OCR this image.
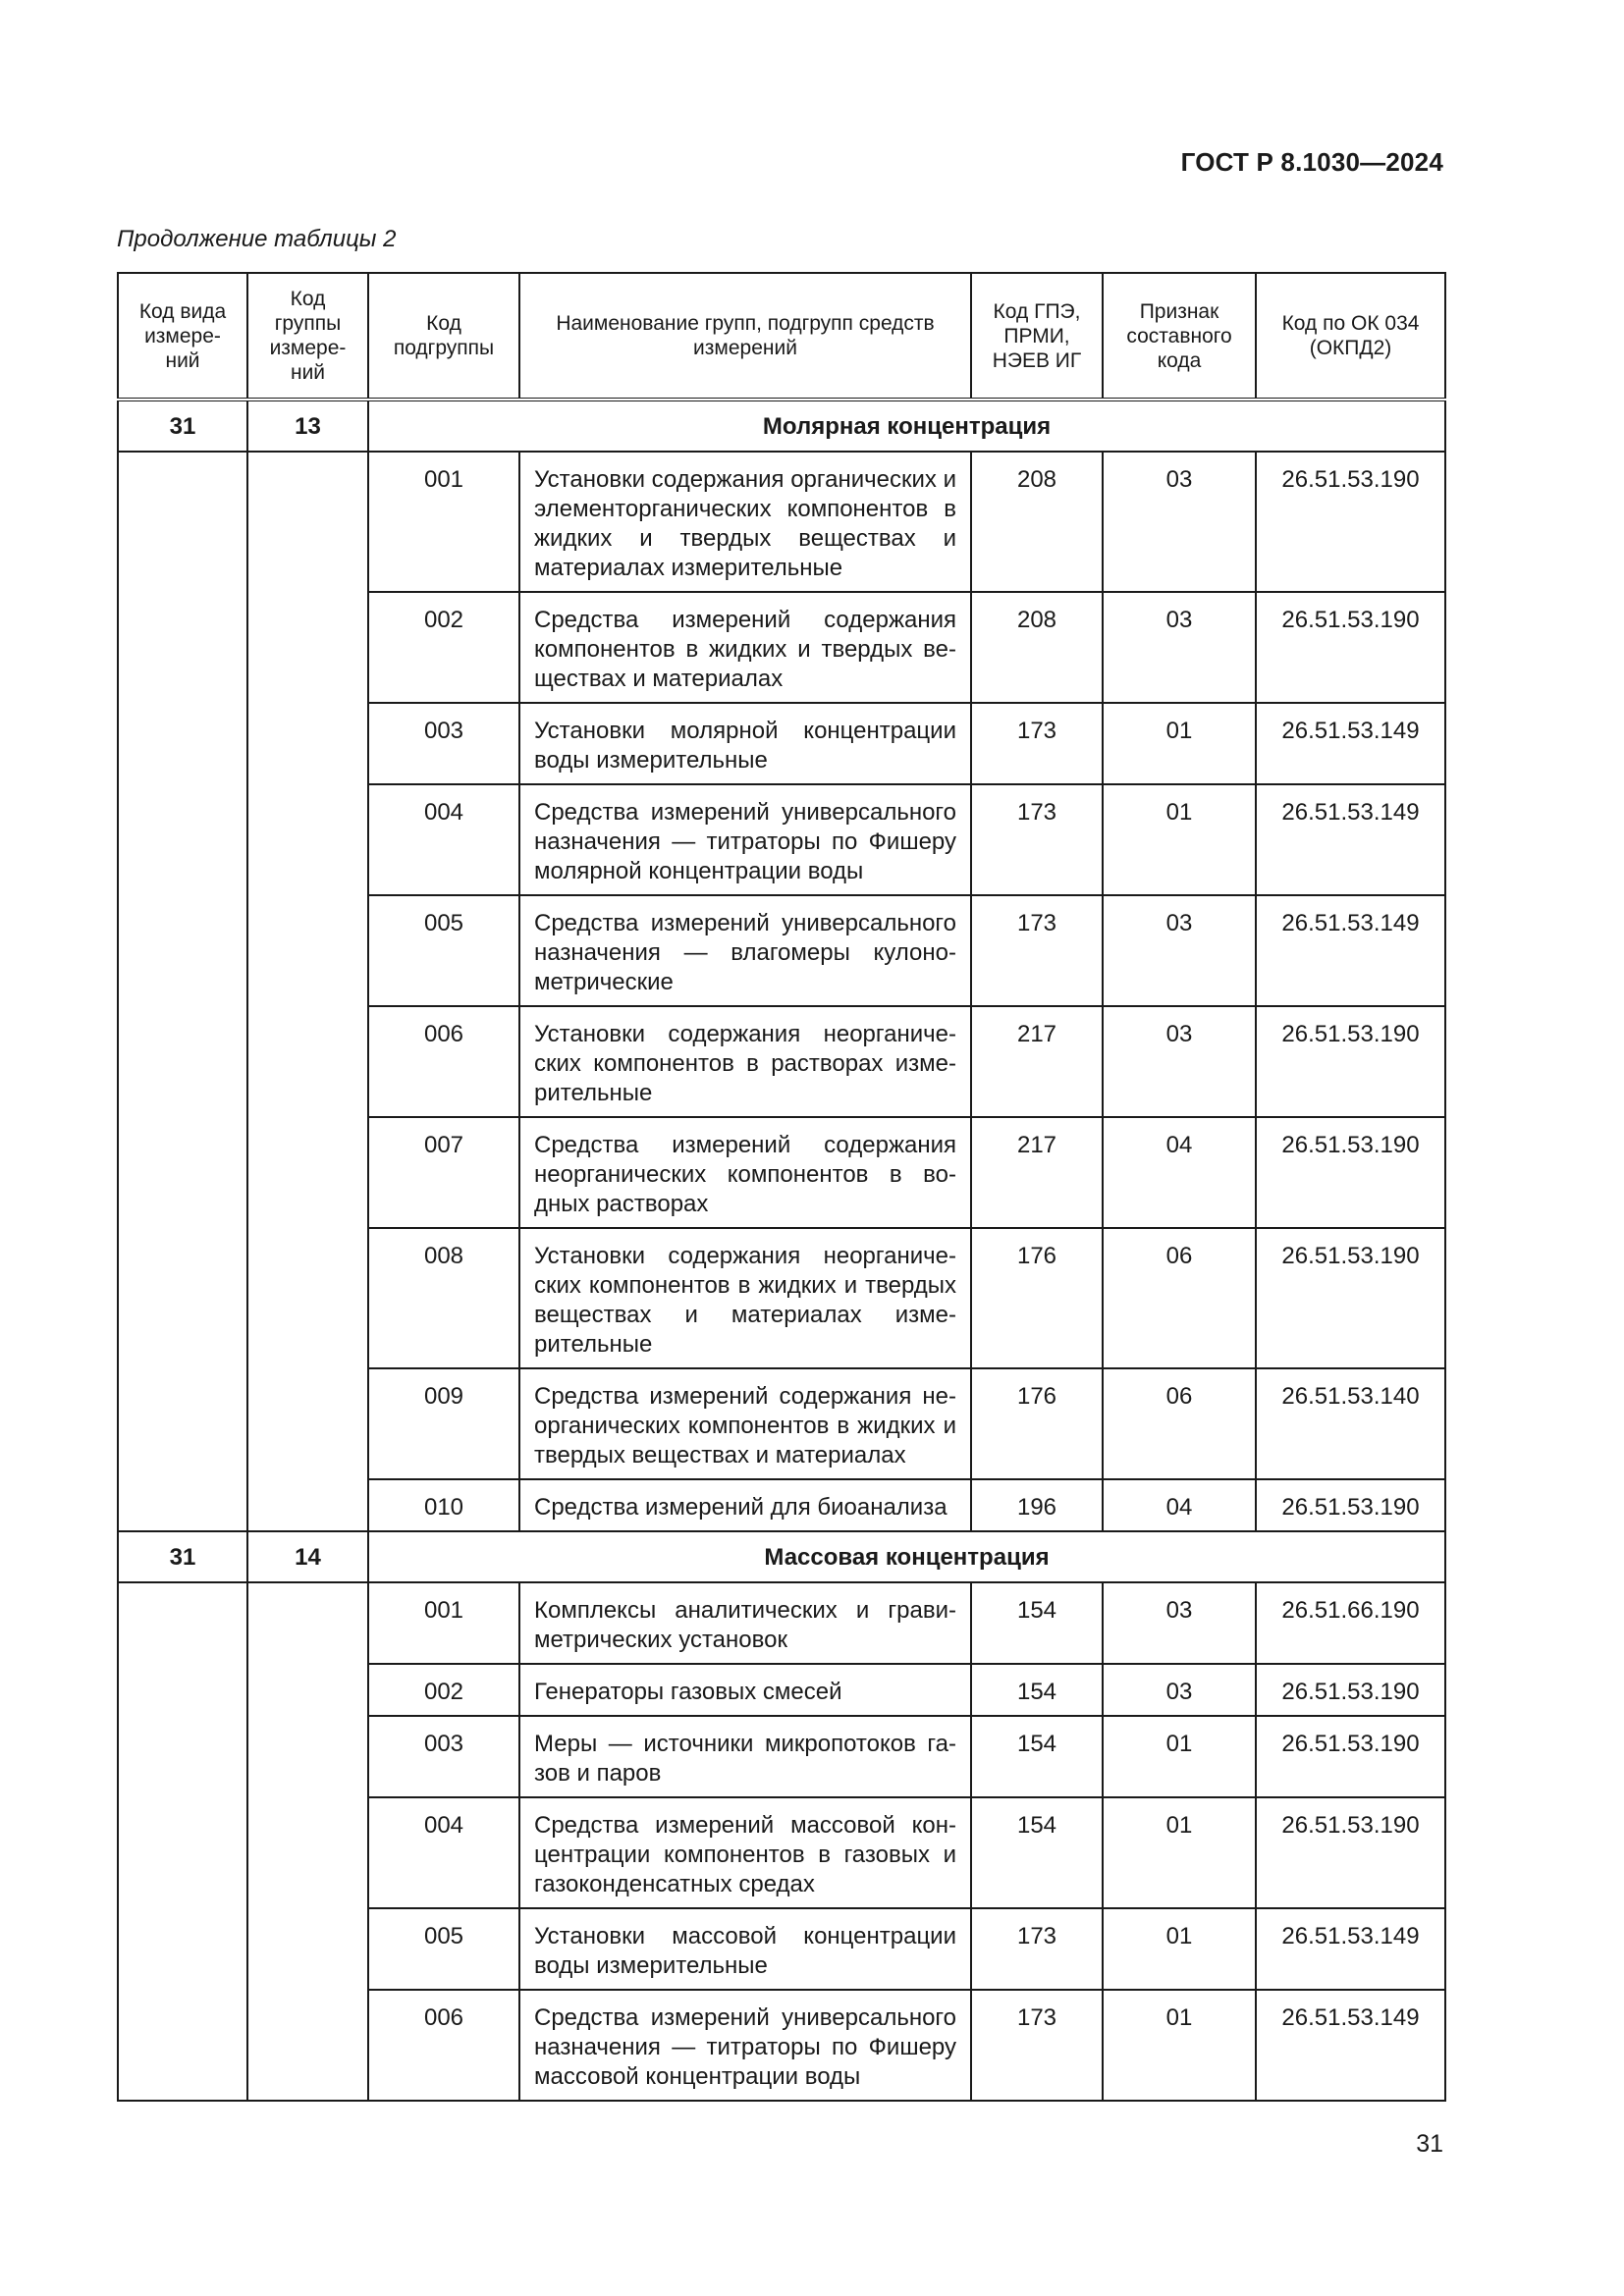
ГОСТ Р 8.1030—2024
Продолжение таблицы 2
Код вида
измере-
ний	Код
группы
измере-
ний	Код
подгруппы	Наименование групп, подгрупп средств
измерений	Код ГПЭ,
ПРМИ,
НЭЕВ ИГ	Признак
составного
кода	Код по ОК 034
(ОКПД2)
31	13	Молярная концентрация				
		001	Установки содержания органических и элементорганических компонентов в жидких и твердых веществах и материалах измерительные	208	03	26.51.53.190
		002	Средства измерений содержания компонентов в жидких и твердых веществах и материалах	208	03	26.51.53.190
		003	Установки молярной концентрации воды измерительные	173	01	26.51.53.149
		004	Средства измерений универсального назначения — титраторы по Фишеру молярной концентрации воды	173	01	26.51.53.149
		005	Средства измерений универсального назначения — влагомеры кулонометрические	173	03	26.51.53.149
		006	Установки содержания неорганических компонентов в растворах измерительные	217	03	26.51.53.190
		007	Средства измерений содержания неорганических компонентов в водных растворах	217	04	26.51.53.190
		008	Установки содержания неорганических компонентов в жидких и твердых веществах и материалах измерительные	176	06	26.51.53.190
		009	Средства измерений содержания неорганических компонентов в жидких и твердых веществах и материалах	176	06	26.51.53.140
		010	Средства измерений для биоанализа	196	04	26.51.53.190
31	14	Массовая концентрация				
		001	Комплексы аналитических и гравиметрических установок	154	03	26.51.66.190
		002	Генераторы газовых смесей	154	03	26.51.53.190
		003	Меры — источники микропотоков газов и паров	154	01	26.51.53.190
		004	Средства измерений массовой концентрации компонентов в газовых и газоконденсатных средах	154	01	26.51.53.190
		005	Установки массовой концентрации воды измерительные	173	01	26.51.53.149
		006	Средства измерений универсального назначения — титраторы по Фишеру массовой концентрации воды	173	01	26.51.53.149
31
